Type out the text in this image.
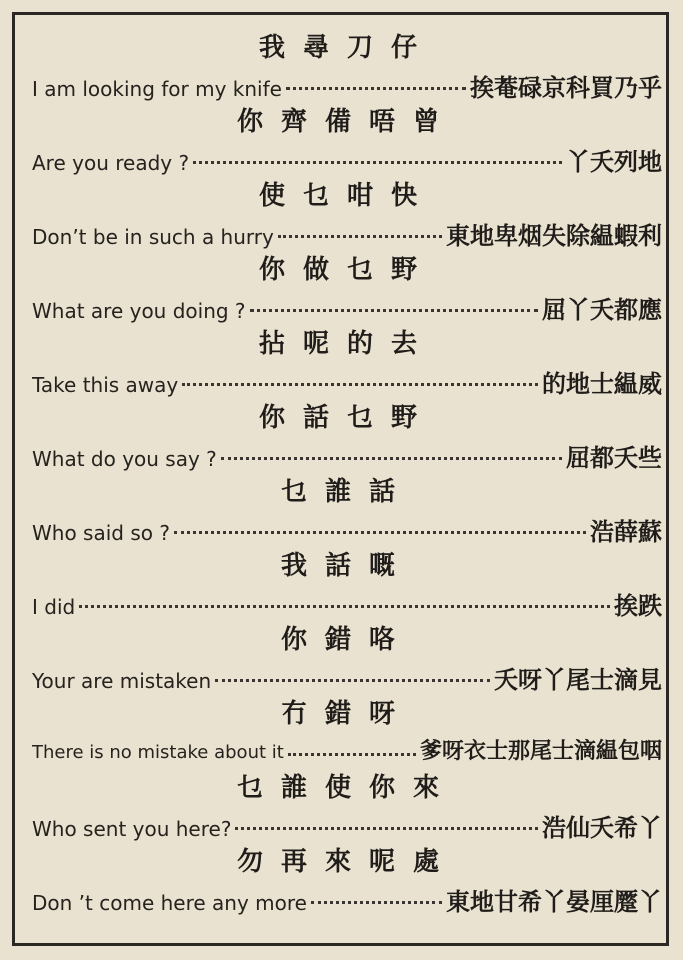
我尋刀仔
I am looking for my knife	挨菴碌京科買乃乎
你齊備唔曾
Are you ready ?	丫夭列地
使乜咁快
Don’t be in such a hurry	東地卑烟失除緼蝦利
你做乜野
What are you doing ?	屈丫夭都應
拈呢的去
Take this away	的地士緼威
你話乜野
What do you say ?	屈都夭些
乜誰話
Who said so ?	浩薛蘇
我話嘅
I did	挨跌
你錯咯
Your are mistaken	夭呀丫尾士滴見
冇錯呀
There is no mistake about it	爹呀衣士那尾士滴緼包咽
乜誰使你來
Who sent you here?	浩仙夭希丫
勿再來呢處
Don ’t come here any more	東地甘希丫晏厘蹷丫
